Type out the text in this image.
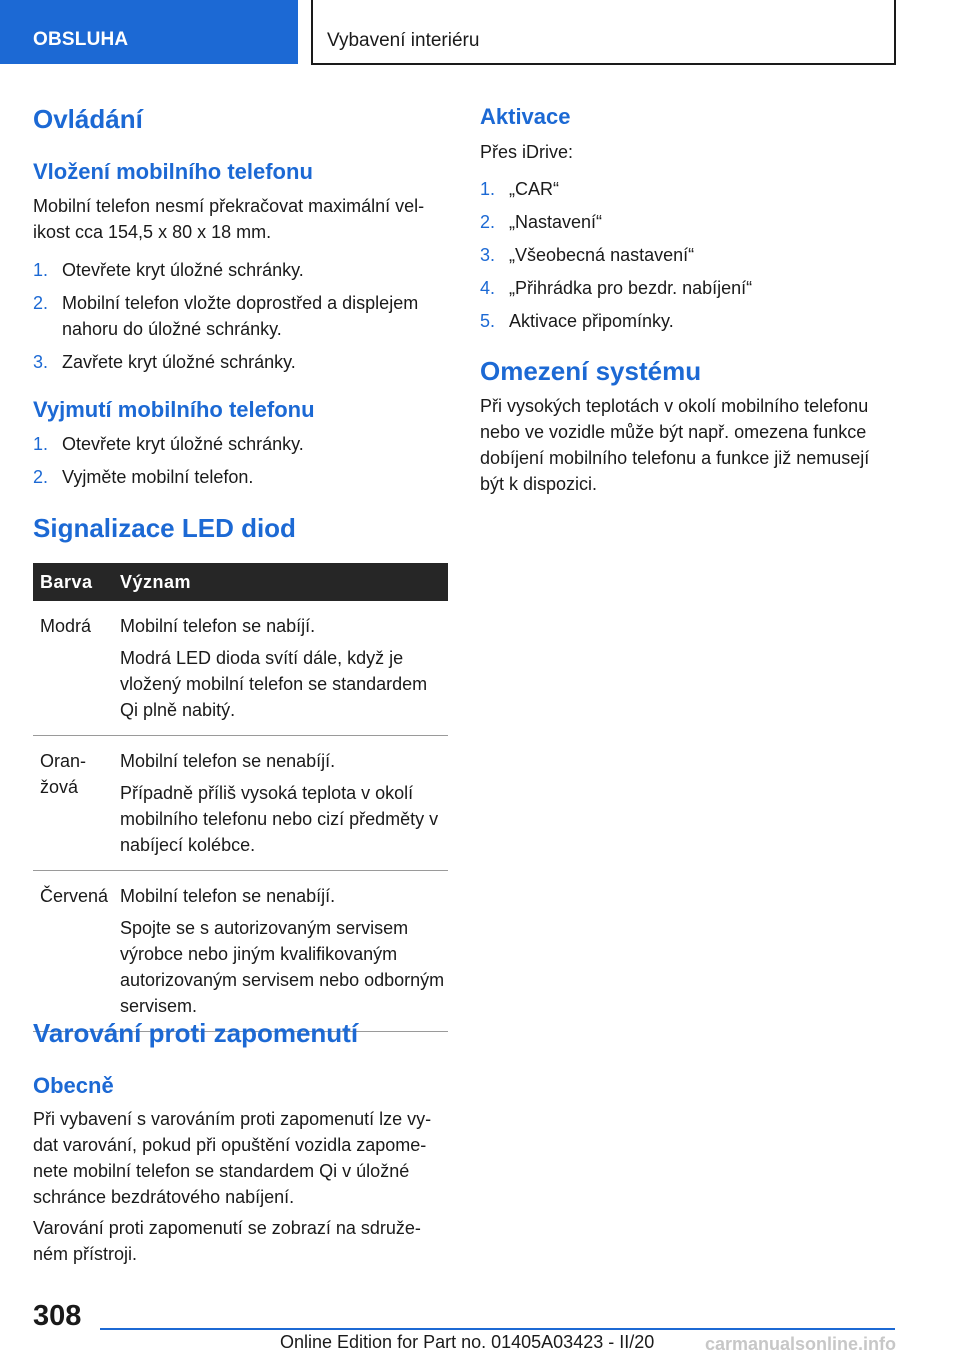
OBSLUHA	Vybavení interiéru
Ovládání
Vložení mobilního telefonu
Mobilní telefon nesmí překračovat maximální velikost cca 154,5 x 80 x 18 mm.
1. Otevřete kryt úložné schránky.
2. Mobilní telefon vložte doprostřed a displejem nahoru do úložné schránky.
3. Zavřete kryt úložné schránky.
Vyjmutí mobilního telefonu
1. Otevřete kryt úložné schránky.
2. Vyjměte mobilní telefon.
Signalizace LED diod
Barva	Význam
Modrá	Mobilní telefon se nabíjí.
Modrá LED dioda svítí dále, když je vložený mobilní telefon se standardem Qi plně nabitý.

Oranžová	Mobilní telefon se nenabíjí.
Případně příliš vysoká teplota v okolí mobilního telefonu nebo cizí předměty v nabíjecí kolébce.

Červená	Mobilní telefon se nenabíjí.
Spojte se s autorizovaným servisem výrobce nebo jiným kvalifikovaným autorizovaným servisem nebo odborným servisem.
Varování proti zapomenutí
Obecně
Při vybavení s varováním proti zapomenutí lze vydat varování, pokud při opuštění vozidla zapomenete mobilní telefon se standardem Qi v úložné schránce bezdrátového nabíjení.
Varování proti zapomenutí se zobrazí na sdruženém přístroji.
Aktivace
Přes iDrive:
1. „CAR“
2. „Nastavení“
3. „Všeobecná nastavení“
4. „Přihrádka pro bezdr. nabíjení“
5. Aktivace připomínky.
Omezení systému
Při vysokých teplotách v okolí mobilního telefonu nebo ve vozidle může být např. omezena funkce dobíjení mobilního telefonu a funkce již nemusejí být k dispozici.
308
Online Edition for Part no. 01405A03423 - II/20	carmanualsonline.info
